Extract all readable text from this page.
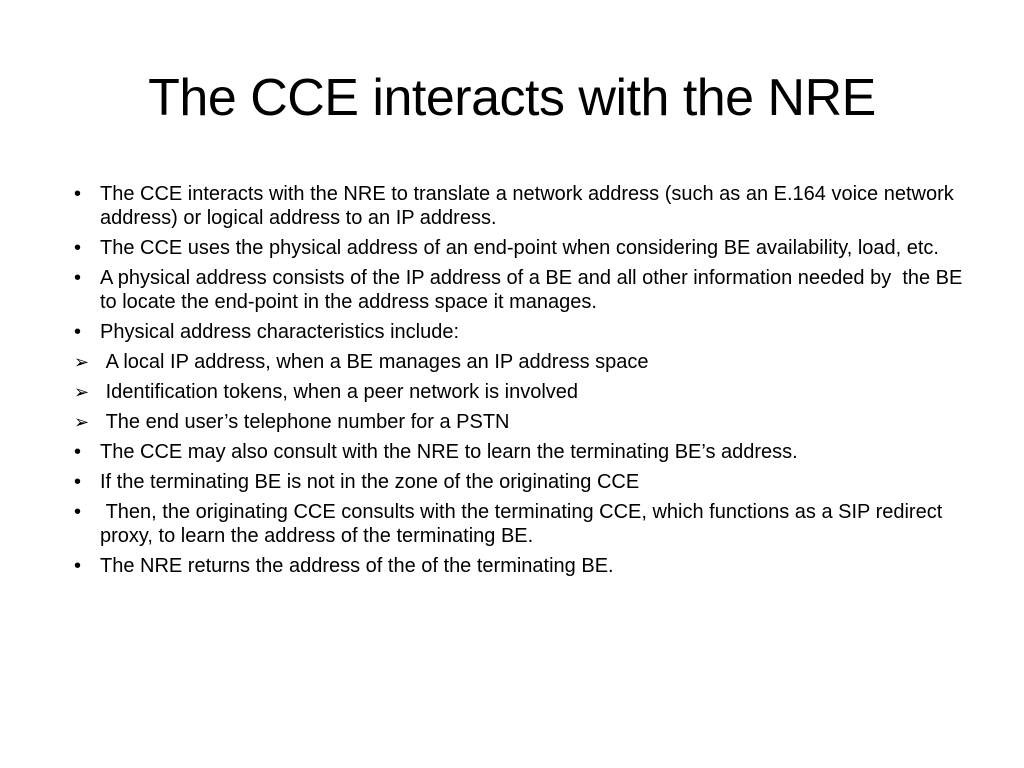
The CCE interacts with the NRE
•
The CCE interacts with the NRE to translate a network address (such as an E.164 voice network address) or logical address to an IP address.
•
The CCE uses the physical address of an end-point when considering BE availability, load, etc.
•
A physical address consists of the IP address of a BE and all other information needed by  the BE to locate the end-point in the address space it manages.
•
Physical address characteristics include:
➢
A local IP address, when a BE manages an IP address space
➢
Identification tokens, when a peer network is involved
➢
The end user’s telephone number for a PSTN
•
The CCE may also consult with the NRE to learn the terminating BE’s address.
•
If the terminating BE is not in the zone of the originating CCE
•
Then, the originating CCE consults with the terminating CCE, which functions as a SIP redirect proxy, to learn the address of the terminating BE.
•
The NRE returns the address of the of the terminating BE.
